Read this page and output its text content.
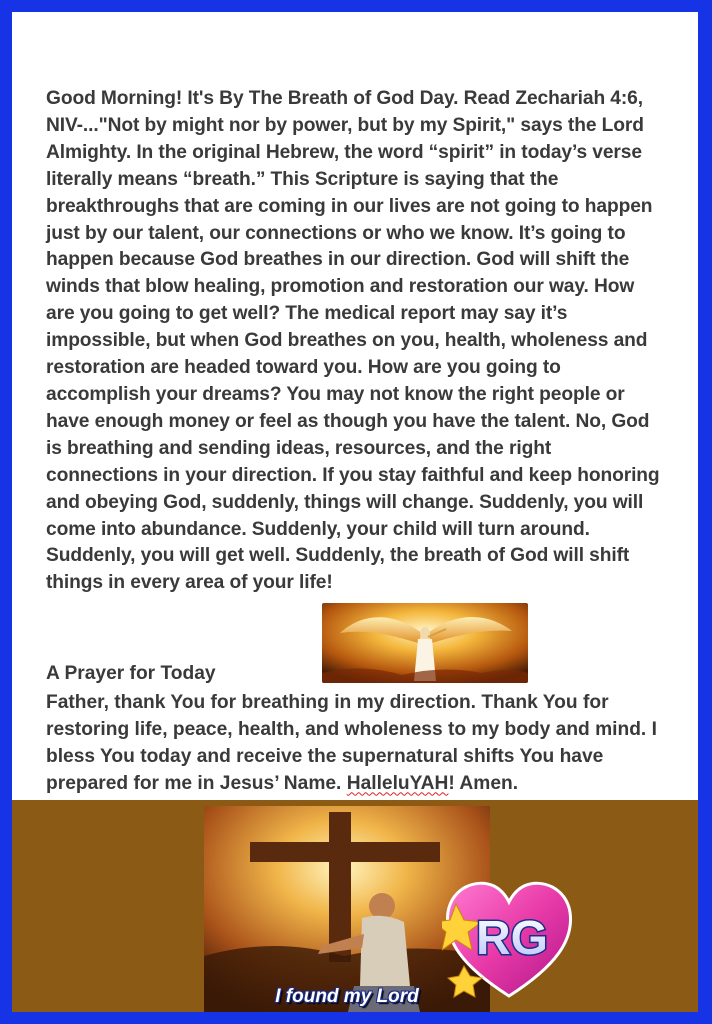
Good Morning! It's By The Breath of God Day. Read Zechariah 4:6, NIV-..."Not by might nor by power, but by my Spirit," says the Lord Almighty. In the original Hebrew, the word “spirit” in today’s verse literally means “breath.” This Scripture is saying that the breakthroughs that are coming in our lives are not going to happen just by our talent, our connections or who we know. It’s going to happen because God breathes in our direction. God will shift the winds that blow healing, promotion and restoration our way. How are you going to get well? The medical report may say it’s impossible, but when God breathes on you, health, wholeness and restoration are headed toward you. How are you going to accomplish your dreams? You may not know the right people or have enough money or feel as though you have the talent. No, God is breathing and sending ideas, resources, and the right connections in your direction. If you stay faithful and keep honoring and obeying God, suddenly, things will change. Suddenly, you will come into abundance. Suddenly, your child will turn around. Suddenly, you will get well. Suddenly, the breath of God will shift things in every area of your life!

A Prayer for Today

Father, thank You for breathing in my direction. Thank You for restoring life, peace, health, and wholeness to my body and mind. I bless You today and receive the supernatural shifts You have prepared for me in Jesus’ Name. HalleluYAH! Amen.

I found my Lord
RG
